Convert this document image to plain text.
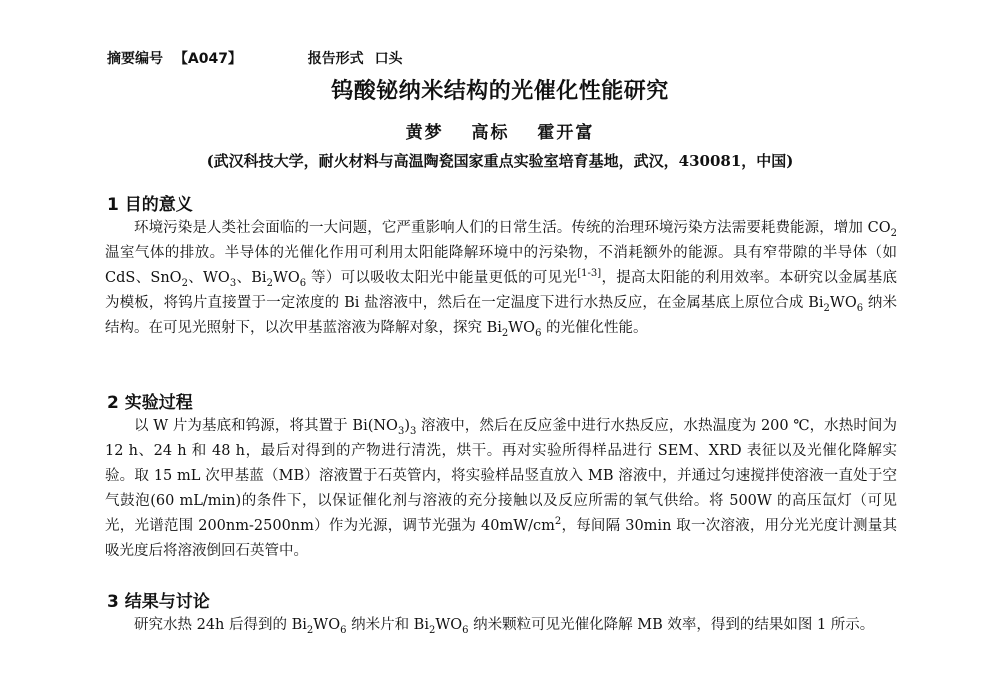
摘要编号 【A047】	报告形式 口头
钨酸铋纳米结构的光催化性能研究
黄梦 高标 霍开富
(武汉科技大学，耐火材料与高温陶瓷国家重点实验室培育基地，武汉，430081，中国)
1 目的意义
环境污染是人类社会面临的一大问题，它严重影响人们的日常生活。传统的治理环境污染方法需要耗费能源，增加 $CO_2$ 温室气体的排放。半导体的光催化作用可利用太阳能降解环境中的污染物，不消耗额外的能源。具有窄带隙的半导体（如 CdS、SnO$_2$、$WO_3$、$Bi_2WO_6$ 等）可以吸收太阳光中能量更低的可见光[1-3]，提高太阳能的利用效率。本研究以金属基底为模板，将钨片直接置于一定浓度的 Bi 盐溶液中，然后在一定温度下进行水热反应，在金属基底上原位合成 $Bi_2WO_6$ 纳米结构。在可见光照射下，以次甲基蓝溶液为降解对象，探究 $Bi_2WO_6$ 的光催化性能。
2 实验过程
以 W 片为基底和钨源，将其置于 $Bi(NO_3)_3$ 溶液中，然后在反应釜中进行水热反应，水热温度为 200 ℃，水热时间为 12 h、24 h 和 48 h，最后对得到的产物进行清洗，烘干。再对实验所得样品进行 SEM、XRD 表征以及光催化降解实验。取 15 mL 次甲基蓝（MB）溶液置于石英管内，将实验样品竖直放入 MB 溶液中，并通过匀速搅拌使溶液一直处于空气鼓泡(60 mL/min)的条件下，以保证催化剂与溶液的充分接触以及反应所需的氧气供给。将 500W 的高压氙灯（可见光，光谱范围 200nm-2500nm）作为光源，调节光强为 $40mW/cm^2$，每间隔 30min 取一次溶液，用分光光度计测量其吸光度后将溶液倒回石英管中。
3 结果与讨论
研究水热 24h 后得到的 $Bi_2WO_6$ 纳米片和 $Bi_2WO_6$ 纳米颗粒可见光催化降解 MB 效率，得到的结果如图 1 所示。
